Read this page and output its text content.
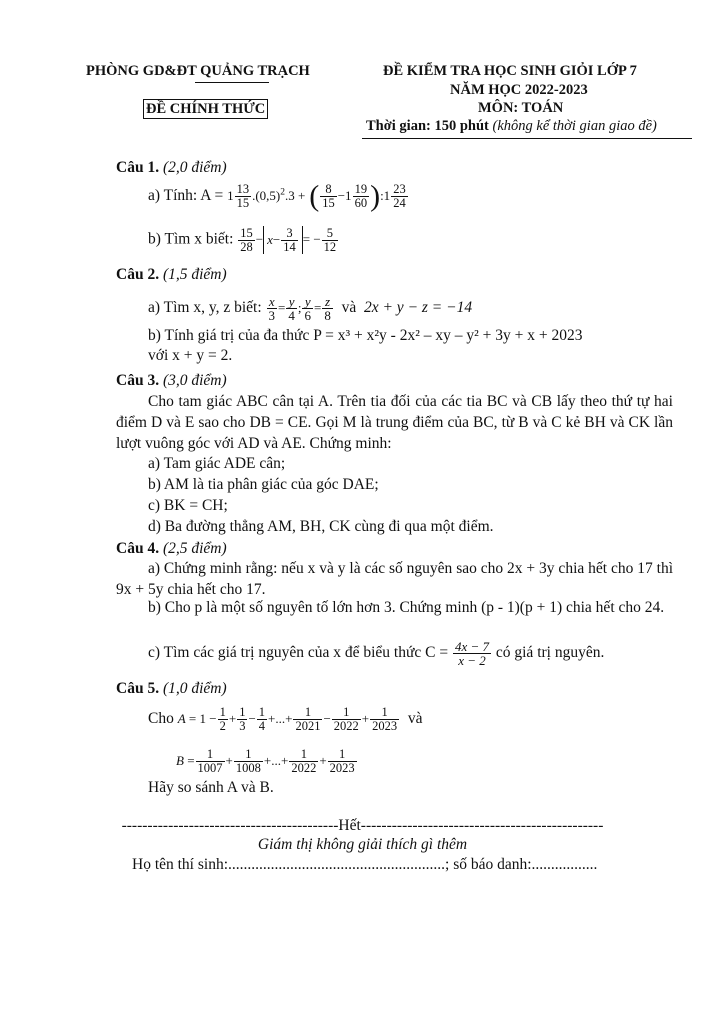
PHÒNG GD&ĐT QUẢNG TRẠCH
ĐỀ CHÍNH THỨC
ĐỀ KIỂM TRA HỌC SINH GIỎI LỚP 7
NĂM HỌC 2022-2023
MÔN: TOÁN
Thời gian: 150 phút (không kể thời gian giao đề)
Câu 1. (2,0 điểm)
a) Tính: $A = 1 \frac{13}{15} .(0,5)^2.3$ + ( $\frac{8}{15} -1 \frac{19}{60}$ ):1 $\frac{23}{24}$
b) Tìm x biết: $\frac{15}{28} - x- \frac{3}{14}$ = − $\frac{5}{12}$
Câu 2. (1,5 điểm)
a) Tìm x, y, z biết: $\frac{x}{3} = \frac{y}{4}$ ; $\frac{y}{6} = \frac{z}{8}$ và 2x + y − z = −14
b) Tính giá trị của đa thức P = x³ + x²y - 2x² – xy – y² + 3y + x + 2023
với x + y = 2.
Câu 3. (3,0 điểm)
Cho tam giác ABC cân tại A. Trên tia đối của các tia BC và CB lấy theo thứ tự hai điểm D và E sao cho DB = CE. Gọi M là trung điểm của BC, từ B và C kẻ BH và CK lần lượt vuông góc với AD và AE. Chứng minh:
a) Tam giác ADE cân;
b) AM là tia phân giác của góc DAE;
c) BK = CH;
d) Ba đường thẳng AM, BH, CK cùng đi qua một điểm.
Câu 4. (2,5 điểm)
a) Chứng minh rằng: nếu x và y là các số nguyên sao cho 2x + 3y chia hết cho 17 thì 9x + 5y chia hết cho 17.
b) Cho p là một số nguyên tố lớn hơn 3. Chứng minh (p - 1)(p + 1) chia hết cho 24.
c) Tìm các giá trị nguyên của x để biểu thức $C = \frac{4x - 7}{x - 2}$ có giá trị nguyên.
Câu 5. (1,0 điểm)
Cho $A = 1 - \frac{1}{2} + \frac{1}{3} - \frac{1}{4}$ +...+ $\frac{1}{2021} - \frac{1}{2022} + \frac{1}{2023}$ và
$B = \frac{1}{1007} + \frac{1}{1008}$ +...+ $\frac{1}{2022} + \frac{1}{2023}$
Hãy so sánh A và B.
------------------------------------------Hết-----------------------------------------------
Giám thị không giải thích gì thêm
Họ tên thí sinh:........................................................; số báo danh:.................
